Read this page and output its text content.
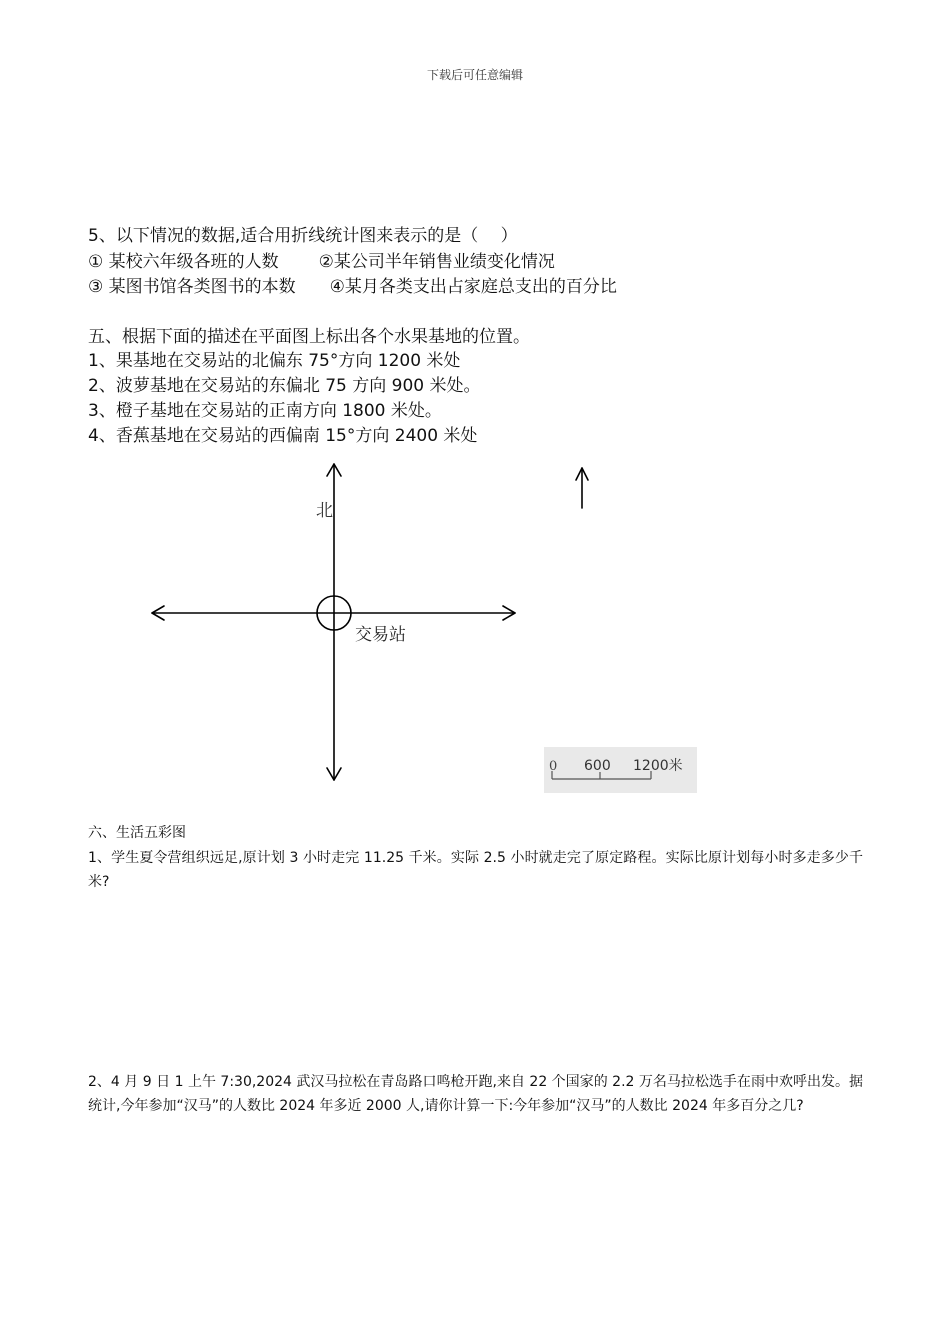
下载后可任意编辑
5、以下情况的数据,适合用折线统计图来表示的是（　 ）
① 某校六年级各班的人数 ②某公司半年销售业绩变化情况
③ 某图书馆各类图书的本数 ④某月各类支出占家庭总支出的百分比
五、根据下面的描述在平面图上标出各个水果基地的位置。
1、果基地在交易站的北偏东 75°方向 1200 米处
2、波萝基地在交易站的东偏北 75 方向 900 米处。
3、橙子基地在交易站的正南方向 1800 米处。
4、香蕉基地在交易站的西偏南 15°方向 2400 米处
北
交易站
0 600 1200米
六、生活五彩图
1、学生夏令营组织远足,原计划 3 小时走完 11.25 千米。实际 2.5 小时就走完了原定路程。实际比原计划每小时多走多少千米?
2、4 月 9 日 1 上午 7:30,2024 武汉马拉松在青岛路口鸣枪开跑,来自 22 个国家的 2.2 万名马拉松选手在雨中欢呼出发。据统计,今年参加“汉马”的人数比 2024 年多近 2000 人,请你计算一下:今年参加“汉马”的人数比 2024 年多百分之几?
